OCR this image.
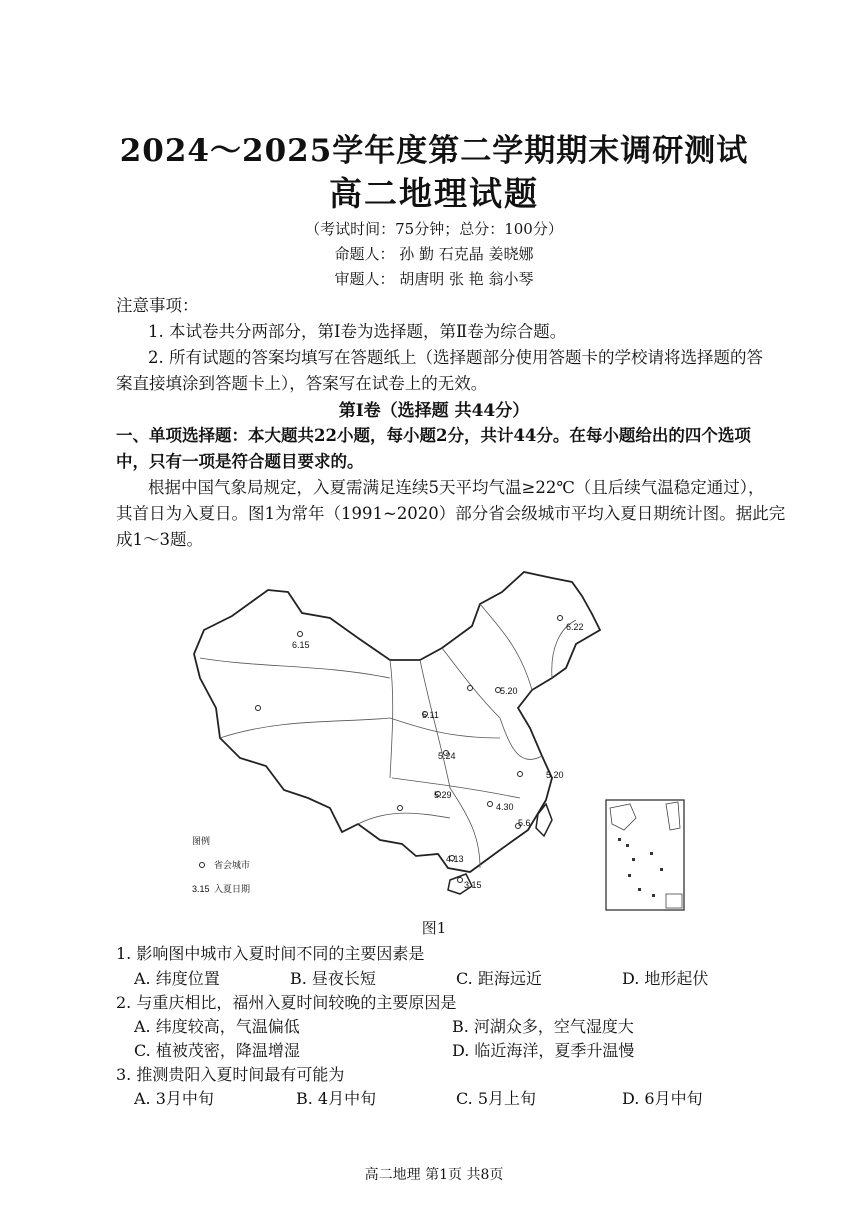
2024～2025学年度第二学期期末调研测试
高二地理试题
（考试时间：75分钟；总分：100分）
命题人： 孙 勤 石克晶 姜晓娜
审题人： 胡唐明 张 艳 翁小琴
注意事项：
1. 本试卷共分两部分，第Ⅰ卷为选择题，第Ⅱ卷为综合题。
2. 所有试题的答案均填写在答题纸上（选择题部分使用答题卡的学校请将选择题的答
案直接填涂到答题卡上），答案写在试卷上的无效。
第Ⅰ卷（选择题 共44分）
一、单项选择题：本大题共22小题，每小题2分，共计44分。在每小题给出的四个选项
中，只有一项是符合题目要求的。
根据中国气象局规定，入夏需满足连续5天平均气温≥22℃（且后续气温稳定通过），
其首日为入夏日。图1为常年（1991~2020）部分省会级城市平均入夏日期统计图。据此完
成1～3题。
6.15
6.22
5.20
5.11
5.24
5.20
5.29
4.30
5.6
4.13
3.15
图例
省会城市
3.15 入夏日期
图1
1. 影响图中城市入夏时间不同的主要因素是
A. 纬度位置	B. 昼夜长短	C. 距海远近	D. 地形起伏
2. 与重庆相比，福州入夏时间较晚的主要原因是
A. 纬度较高，气温偏低	B. 河湖众多，空气湿度大
C. 植被茂密，降温增湿	D. 临近海洋，夏季升温慢
3. 推测贵阳入夏时间最有可能为
A. 3月中旬	B. 4月中旬	C. 5月上旬	D. 6月中旬
高二地理 第1页 共8页
